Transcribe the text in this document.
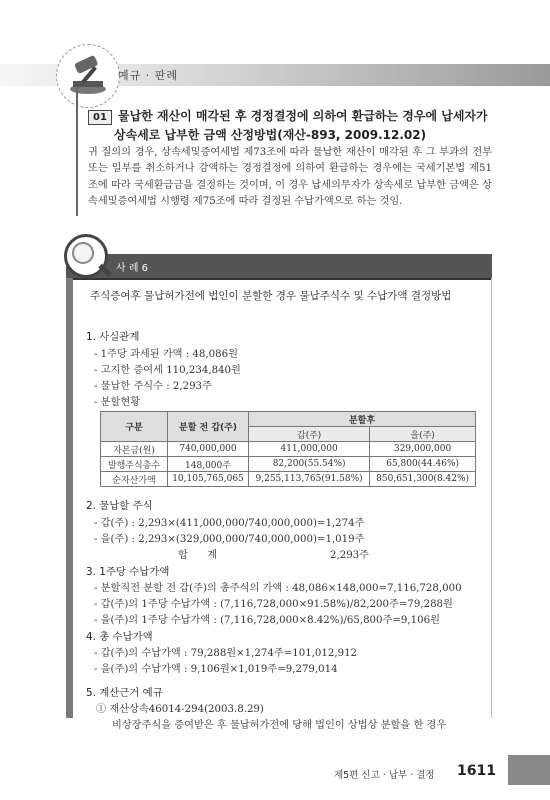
예규 · 판례
01 물납한 재산이 매각된 후 경정결정에 의하여 환급하는 경우에 납세자가 상속세로 납부한 금액 산정방법(재산-893, 2009.12.02)
귀 질의의 경우, 상속세및증여세법 제73조에 따라 물납한 재산이 매각된 후 그 부과의 전부 또는 일부를 취소하거나 감액하는 경정결정에 의하여 환급하는 경우에는 국세기본법 제51조에 따라 국세환급금을 결정하는 것이며, 이 경우 납세의무자가 상속세로 납부한 금액은 상속세및증여세법 시행령 제75조에 따라 결정된 수납가액으로 하는 것임.
사 례 6
주식증여후 물납허가전에 법인이 분할한 경우 물납주식수 및 수납가액 결정방법
1. 사실관계
- 1주당 과세된 가액 : 48,086원
- 고지한 증여세 110,234,840원
- 물납한 주식수 : 2,293주
- 분할현황
구분	분할 전 갑(주)	분할후	
		갑(주)	을(주)
자본금(원)	740,000,000	411,000,000	329,000,000
발행주식총수	148,000주	82,200(55.54%)	65,800(44.46%)
순자산가액	10,105,765,065	9,255,113,765(91.58%)	850,651,300(8.42%)
2. 물납할 주식
- 갑(주) : 2,293×(411,000,000/740,000,000)=1,274주
- 을(주) : 2,293×(329,000,000/740,000,000)=1,019주
합      계	2,293주
3. 1주당 수납가액
- 분할직전 분할 전 갑(주)의 총주식의 가액 : 48,086×148,000=7,116,728,000
- 갑(주)의 1주당 수납가액 : (7,116,728,000×91.58%)/82,200주=79,288원
- 을(주)의 1주당 수납가액 : (7,116,728,000×8.42%)/65,800주=9,106원
4. 총 수납가액
- 갑(주)의 수납가액 : 79,288원×1,274주=101,012,912
- 을(주)의 수납가액 : 9,106원×1,019주=9,279,014
5. 계산근거 예규
① 재산상속46014-294(2003.8.29)
비상장주식을 증여받은 후 물납허가전에 당해 법인이 상법상 분할을 한 경우
제5편 신고 · 납부 · 결정 1611
